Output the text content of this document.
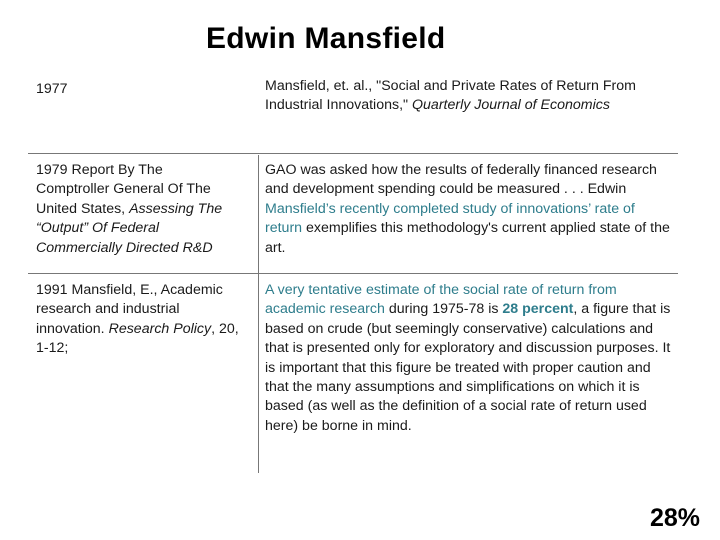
Edwin Mansfield
1977	Mansfield, et. al., "Social and Private Rates of Return From Industrial Innovations," Quarterly Journal of Economics
1979 Report By The
Comptroller General Of The
United States, Assessing The
“Output” Of Federal
Commercially Directed R&D
GAO was asked how the results of federally financed research and development spending could be measured . . . Edwin Mansfield’s recently completed study of innovations’ rate of return exemplifies this methodology's current applied state of the art.
1991 Mansfield, E., Academic research and industrial innovation. Research Policy, 20, 1-12;
A very tentative estimate of the social rate of return from academic research during 1975-78 is 28 percent, a figure that is based on crude (but seemingly conservative) calculations and that is presented only for exploratory and discussion purposes. It is important that this figure be treated with proper caution and that the many assumptions and simplifications on which it is based (as well as the definition of a social rate of return used here) be borne in mind.
28%
